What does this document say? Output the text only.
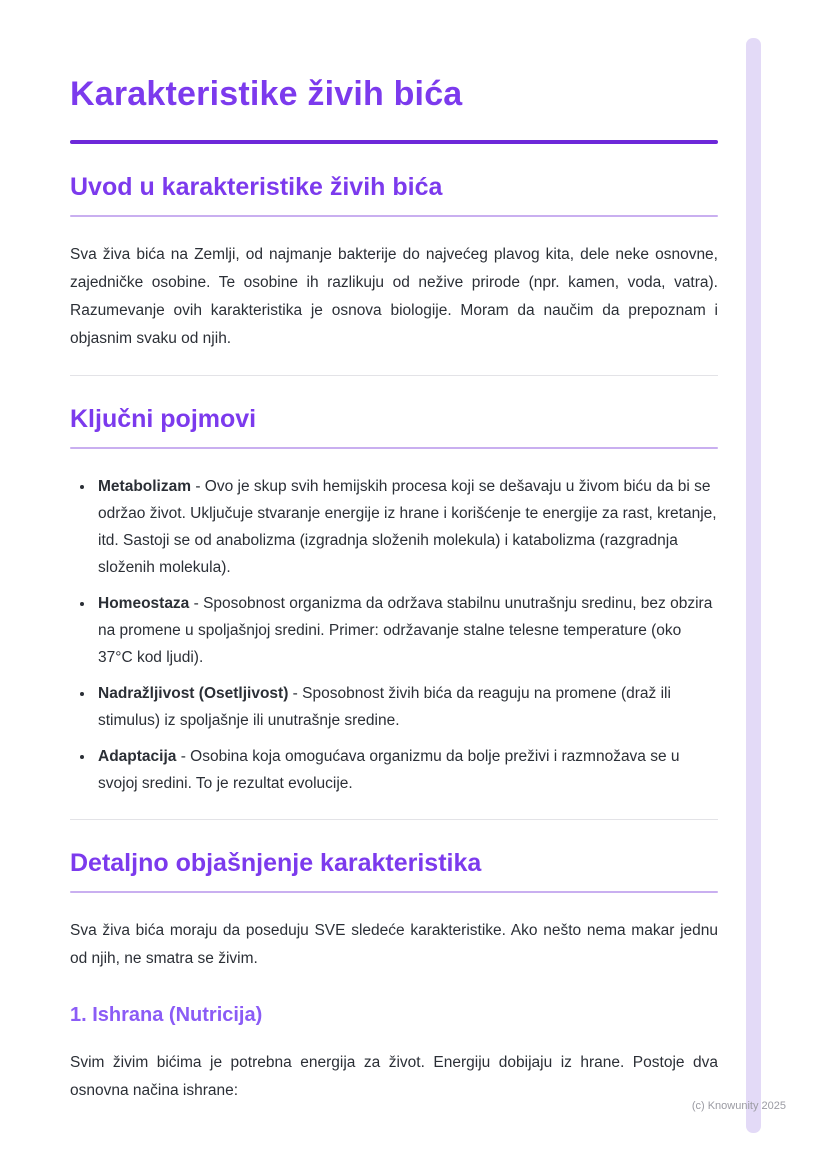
Karakteristike živih bića
Uvod u karakteristike živih bića

Sva živa bića na Zemlji, od najmanje bakterije do najvećeg plavog kita, dele neke osnovne, zajedničke osobine. Te osobine ih razlikuju od nežive prirode (npr. kamen, voda, vatra). Razumevanje ovih karakteristika je osnova biologije. Moram da naučim da prepoznam i objasnim svaku od njih.

Ključni pojmovi
• Metabolizam - Ovo je skup svih hemijskih procesa koji se dešavaju u živom biću da bi se održao život. Uključuje stvaranje energije iz hrane i korišćenje te energije za rast, kretanje, itd. Sastoji se od anabolizma (izgradnja složenih molekula) i katabolizma (razgradnja složenih molekula).
• Homeostaza - Sposobnost organizma da održava stabilnu unutrašnju sredinu, bez obzira na promene u spoljašnjoj sredini. Primer: održavanje stalne telesne temperature (oko 37°C kod ljudi).
• Nadražljivost (Osetljivost) - Sposobnost živih bića da reaguju na promene (draž ili stimulus) iz spoljašnje ili unutrašnje sredine.
• Adaptacija - Osobina koja omogućava organizmu da bolje preživi i razmnožava se u svojoj sredini. To je rezultat evolucije.
Detaljno objašnjenje karakteristika

Sva živa bića moraju da poseduju SVE sledeće karakteristike. Ako nešto nema makar jednu od njih, ne smatra se živim.

1. Ishrana (Nutricija)

Svim živim bićima je potrebna energija za život. Energiju dobijaju iz hrane. Postoje dva osnovna načina ishrane:

(c) Knowunity 2025
